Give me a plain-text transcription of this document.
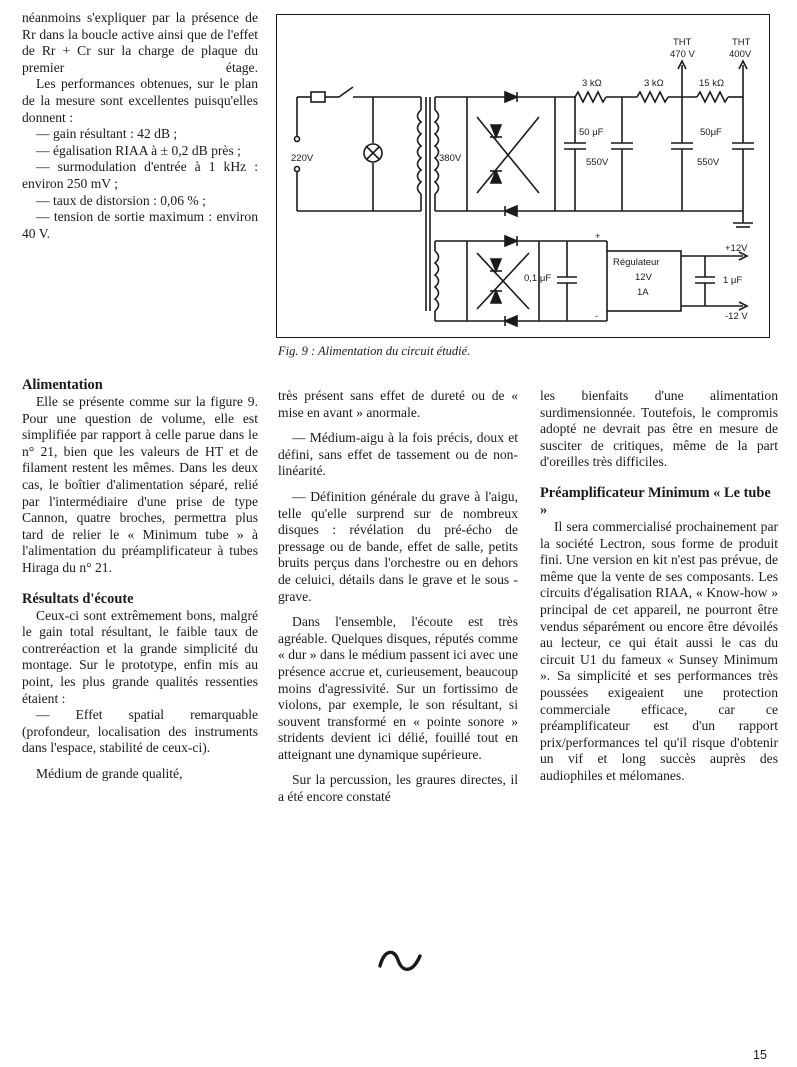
néanmoins s'expliquer par la présence de Rr dans la boucle active ainsi que de l'effet de Rr + Cr sur la charge de plaque du premier étage.

Les performances obtenues, sur le plan de la mesure sont excellentes puisqu'elles donnent :

— gain résultant : 42 dB ;

— égalisation RIAA à ± 0,2 dB près ;

— surmodulation d'entrée à 1 kHz : environ 250 mV ;

— taux de distorsion : 0,06 % ;

— tension de sortie maximum : environ 40 V.

220V	380V
3 kΩ	3 kΩ	15 kΩ
THT
470 V
THT
400V
50 μF
550V
50μF
550V
0,1 μF
Régulateur
12V
1A
+
-
1 μF
+12V
-12 V
Fig. 9 : Alimentation du circuit étudié.
Alimentation

Elle se présente comme sur la figure 9. Pour une question de volume, elle est simplifiée par rapport à celle parue dans le n° 21, bien que les valeurs de HT et de filament restent les mêmes. Dans les deux cas, le boîtier d'alimentation séparé, relié par l'intermédiaire d'une prise de type Cannon, quatre broches, permettra plus tard de relier le « Minimum tube » à l'alimentation du préamplificateur à tubes Hiraga du n° 21.

Résultats d'écoute

Ceux-ci sont extrêmement bons, malgré le gain total résultant, le faible taux de contreréaction et la grande simplicité du montage. Sur le prototype, enfin mis au point, les plus grande qualités ressenties étaient :

— Effet spatial remarquable (profondeur, localisation des instruments dans l'espace, stabilité de ceux-ci).

Médium de grande qualité,

très présent sans effet de dureté ou de « mise en avant » anormale.

— Médium-aigu à la fois précis, doux et défini, sans effet de tassement ou de non-linéarité.

— Définition générale du grave à l'aigu, telle qu'elle surprend sur de nombreux disques : révélation du pré-écho de pressage ou de bande, effet de salle, petits bruits perçus dans l'orchestre ou en dehors de celuici, détails dans le grave et le sous -grave.

Dans l'ensemble, l'écoute est très agréable. Quelques disques, réputés comme « dur » dans le médium passent ici avec une présence accrue et, curieusement, beaucoup moins d'agressivité. Sur un fortissimo de violons, par exemple, le son résultant, si souvent transformé en « pointe sonore » stridents devient ici délié, fouillé tout en atteignant une dynamique supérieure.

Sur la percussion, les graures directes, il a été encore constaté

les bienfaits d'une alimentation surdimensionnée. Toutefois, le compromis adopté ne devrait pas être en mesure de susciter de critiques, même de la part d'oreilles très difficiles.

Préamplificateur Minimum « Le tube »

Il sera commercialisé prochainement par la société Lectron, sous forme de produit fini. Une version en kit n'est pas prévue, de même que la vente de ses composants. Les circuits d'égalisation RIAA, « Know-how » principal de cet appareil, ne pourront être vendus séparément ou encore être dévoilés au lecteur, ce qui était aussi le cas du circuit U1 du fameux « Sunsey Minimum ». Sa simplicité et ses performances très poussées exigeaient une protection commerciale efficace, car ce préamplificateur est d'un rapport prix/performances tel qu'il risque d'obtenir un vif et long succès auprès des audiophiles et mélomanes.

15
